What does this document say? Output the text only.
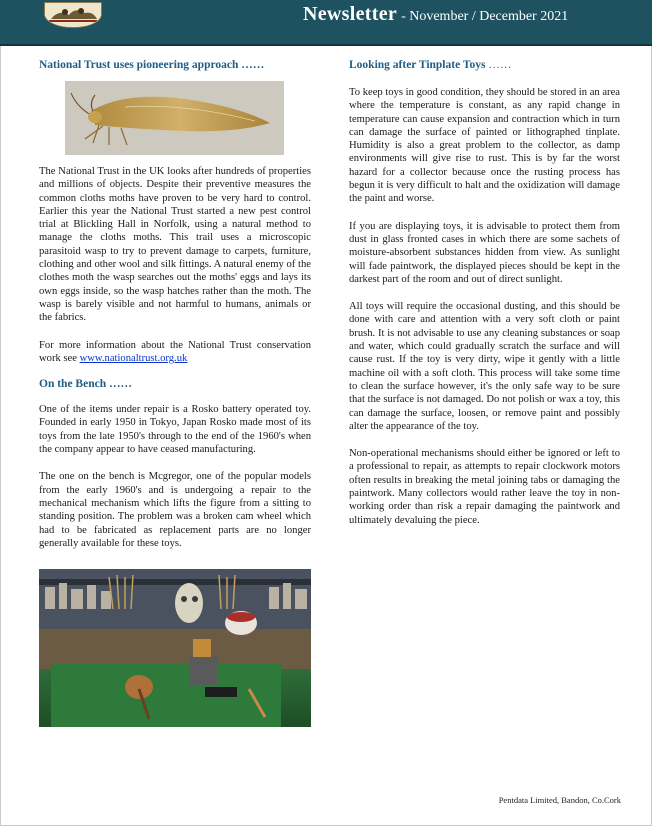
Newsletter - November / December 2021
National Trust uses pioneering approach ……

The National Trust in the UK looks after hundreds of properties and millions of objects. Despite their preventive measures the common cloths moths have proven to be very hard to control. Earlier this year the National Trust started a new pest control trial at Blickling Hall in Norfolk, using a natural method to manage the cloths moths. This trail uses a microscopic parasitoid wasp to try to prevent damage to carpets, furniture, clothing and other wool and silk fittings. A natural enemy of the clothes moth the wasp searches out the moths' eggs and lays its own eggs inside, so the wasp hatches rather than the moth. The wasp is barely visible and not harmful to humans, animals or the fabrics.

For more information about the National Trust conservation work see www.nationaltrust.org.uk

On the Bench ……

One of the items under repair is a Rosko battery operated toy. Founded in early 1950 in Tokyo, Japan Rosko made most of its toys from the late 1950's through to the end of the 1960's when the company appear to have ceased manufacturing.

The one on the bench is Mcgregor, one of the popular models from the early 1960's and is undergoing a repair to the mechanical mechanism which lifts the figure from a sitting to standing position. The problem was a broken cam wheel which had to be fabricated as replacement parts are no longer generally available for these toys.

Looking after Tinplate Toys ……

To keep toys in good condition, they should be stored in an area where the temperature is constant, as any rapid change in temperature can cause expansion and contraction which in turn can damage the surface of painted or lithographed tinplate. Humidity is also a great problem to the collector, as damp environments will give rise to rust. This is by far the worst hazard for a collector because once the rusting process has begun it is very difficult to halt and the oxidization will damage the paint and worse.

If you are displaying toys, it is advisable to protect them from dust in glass fronted cases in which there are some sachets of moisture-absorbent substances hidden from view. As sunlight will fade paintwork, the displayed pieces should be kept in the darkest part of the room and out of direct sunlight.

All toys will require the occasional dusting, and this should be done with care and attention with a very soft cloth or paint brush. It is not advisable to use any cleaning substances or soap and water, which could gradually scratch the surface and will cause rust. If the toy is very dirty, wipe it gently with a little machine oil with a soft cloth. This process will take some time to clean the surface however, it's the only safe way to be sure that the surface is not damaged. Do not polish or wax a toy, this can damage the surface, loosen, or remove paint and possibly alter the appearance of the toy.

Non-operational mechanisms should either be ignored or left to a professional to repair, as attempts to repair clockwork motors often results in breaking the metal joining tabs or damaging the paintwork. Many collectors would rather leave the toy in non-working order than risk a repair damaging the paintwork and ultimately devaluing the piece.

Pentdata Limited, Bandon, Co.Cork
